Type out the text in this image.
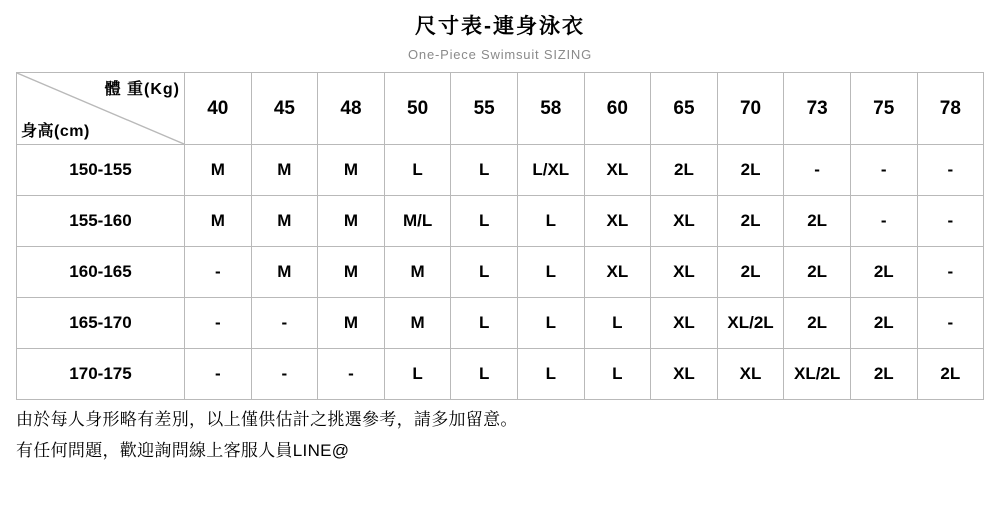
尺寸表-連身泳衣
One-Piece Swimsuit SIZING
體 重(Kg)
身高(cm)	40	45	48	50	55	58	60	65	70	73	75	78
150-155	M	M	M	L	L	L/XL	XL	2L	2L	-	-	-
155-160	M	M	M	M/L	L	L	XL	XL	2L	2L	-	-
160-165	-	M	M	M	L	L	XL	XL	2L	2L	2L	-
165-170	-	-	M	M	L	L	L	XL	XL/2L	2L	2L	-
170-175	-	-	-	L	L	L	L	XL	XL	XL/2L	2L	2L

由於每人身形略有差別，以上僅供估計之挑選參考，請多加留意。

有任何問題，歡迎詢問線上客服人員LINE@
